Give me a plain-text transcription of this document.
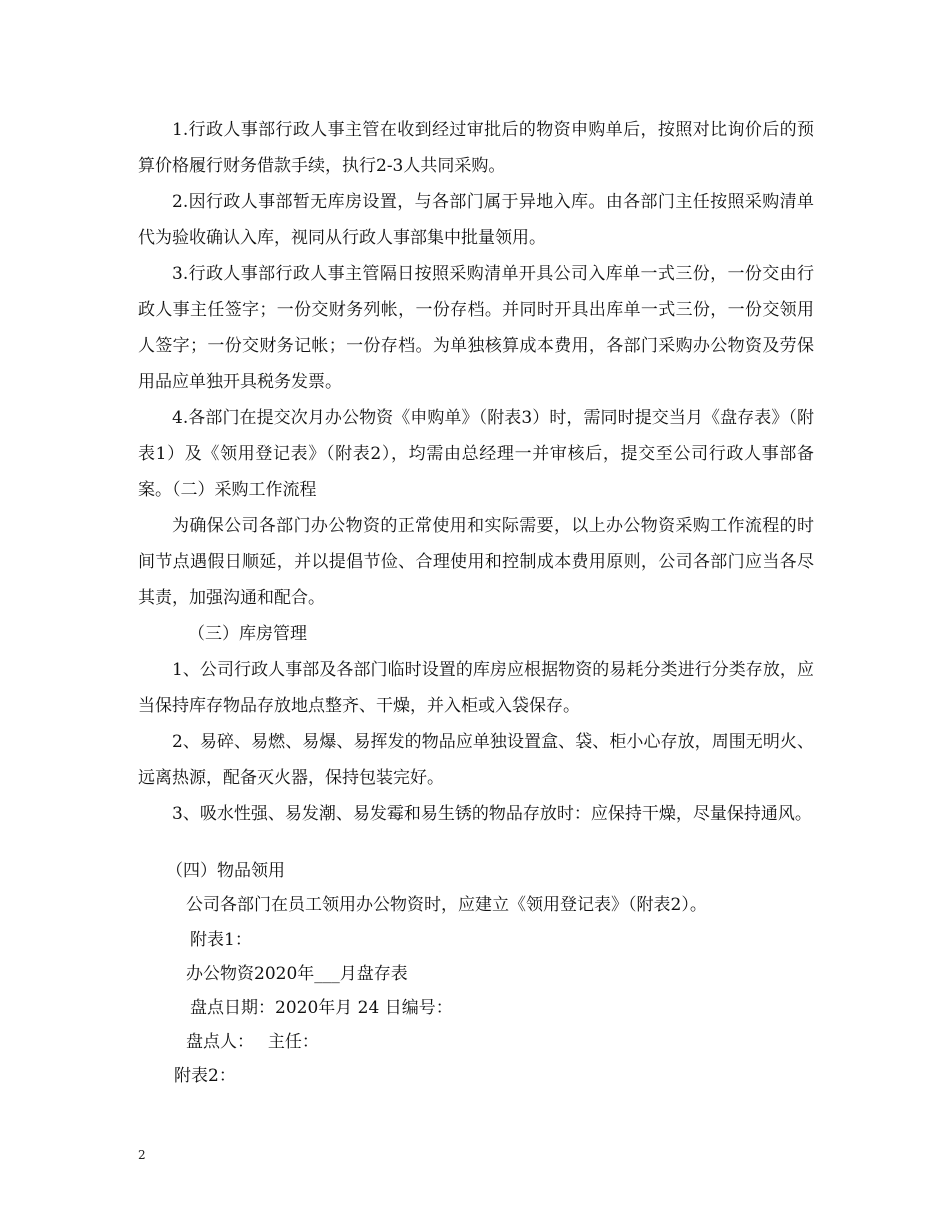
1.行政人事部行政人事主管在收到经过审批后的物资申购单后，按照对比询价后的预算价格履行财务借款手续，执行2-3人共同采购。

2.因行政人事部暂无库房设置，与各部门属于异地入库。由各部门主任按照采购清单代为验收确认入库，视同从行政人事部集中批量领用。

3.行政人事部行政人事主管隔日按照采购清单开具公司入库单一式三份，一份交由行政人事主任签字；一份交财务列帐，一份存档。并同时开具出库单一式三份，一份交领用人签字；一份交财务记帐；一份存档。为单独核算成本费用，各部门采购办公物资及劳保用品应单独开具税务发票。

4.各部门在提交次月办公物资《申购单》（附表3）时，需同时提交当月《盘存表》（附表1）及《领用登记表》（附表2），均需由总经理一并审核后，提交至公司行政人事部备案。（二）采购工作流程

为确保公司各部门办公物资的正常使用和实际需要，以上办公物资采购工作流程的时间节点遇假日顺延，并以提倡节俭、合理使用和控制成本费用原则，公司各部门应当各尽其责，加强沟通和配合。

（三）库房管理

1、公司行政人事部及各部门临时设置的库房应根据物资的易耗分类进行分类存放，应当保持库存物品存放地点整齐、干燥，并入柜或入袋保存。

2、易碎、易燃、易爆、易挥发的物品应单独设置盒、袋、柜小心存放，周围无明火、远离热源，配备灭火器，保持包装完好。

3、吸水性强、易发潮、易发霉和易生锈的物品存放时：应保持干燥，尽量保持通风。

（四）物品领用

公司各部门在员工领用办公物资时，应建立《领用登记表》（附表2）。

附表1：

办公物资2020年___月盘存表

盘点日期：2020年月 24 日编号：

盘点人：　 主任：

附表2：

2
